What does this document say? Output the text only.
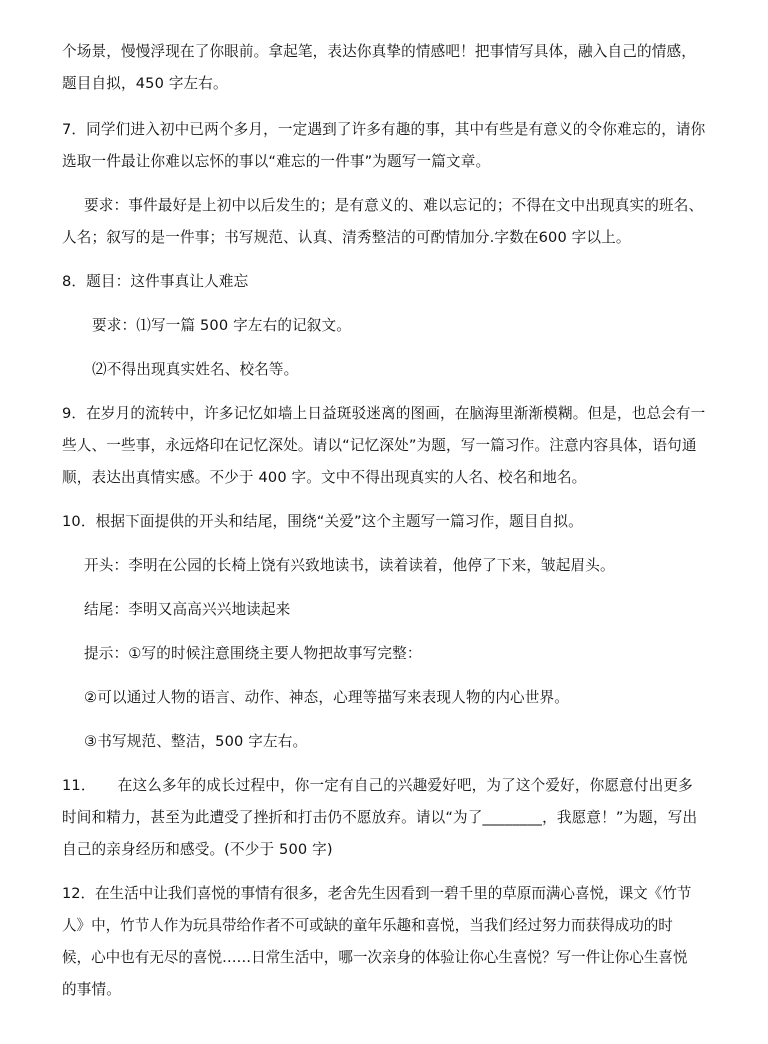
个场景，慢慢浮现在了你眼前。拿起笔，表达你真挚的情感吧！把事情写具体，融入自己的情感，
题目自拟，450 字左右。
7．同学们进入初中已两个多月，一定遇到了许多有趣的事，其中有些是有意义的令你难忘的，请你
选取一件最让你难以忘怀的事以“难忘的一件事”为题写一篇文章。
要求：事件最好是上初中以后发生的；是有意义的、难以忘记的；不得在文中出现真实的班名、
人名；叙写的是一件事；书写规范、认真、清秀整洁的可酌情加分.字数在600 字以上。
8．题目：这件事真让人难忘
要求：⑴写一篇 500 字左右的记叙文。
⑵不得出现真实姓名、校名等。
9．在岁月的流转中，许多记忆如墙上日益斑驳迷离的图画，在脑海里渐渐模糊。但是，也总会有一
些人、一些事，永远烙印在记忆深处。请以“记忆深处”为题，写一篇习作。注意内容具体，语句通
顺，表达出真情实感。不少于 400 字。文中不得出现真实的人名、校名和地名。
10．根据下面提供的开头和结尾，围绕“关爱”这个主题写一篇习作，题目自拟。
开头：李明在公园的长椅上饶有兴致地读书，读着读着，他停了下来，皱起眉头。
结尾：李明又高高兴兴地读起来
提示：①写的时候注意围绕主要人物把故事写完整：
②可以通过人物的语言、动作、神态，心理等描写来表现人物的内心世界。
③书写规范、整洁，500 字左右。
11．　　在这么多年的成长过程中，你一定有自己的兴趣爱好吧，为了这个爱好，你愿意付出更多
时间和精力，甚至为此遭受了挫折和打击仍不愿放弃。请以“为了________，我愿意！”为题，写出
自己的亲身经历和感受。(不少于 500 字)
12．在生活中让我们喜悦的事情有很多，老舍先生因看到一碧千里的草原而满心喜悦，课文《竹节
人》中，竹节人作为玩具带给作者不可或缺的童年乐趣和喜悦，当我们经过努力而获得成功的时
候，心中也有无尽的喜悦……日常生活中，哪一次亲身的体验让你心生喜悦？写一件让你心生喜悦
的事情。
